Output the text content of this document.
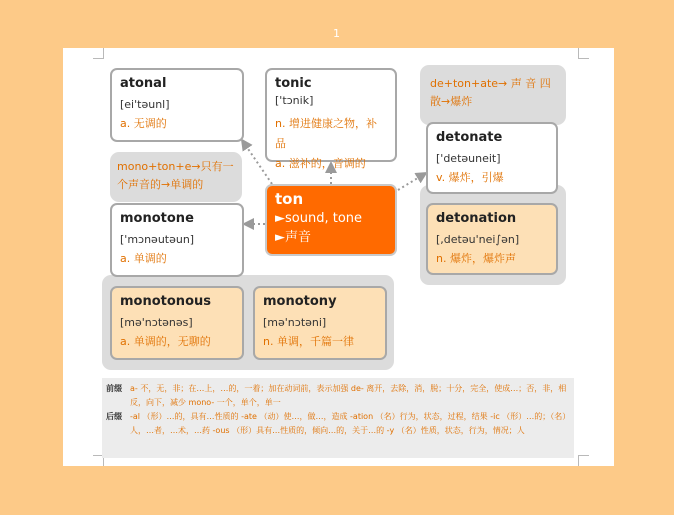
1
de+ton+ate→ 声 音 四
散→爆炸
mono+ton+e→只有一
个声音的→单调的
atonal
[ei'təunl]
a. 无调的
tonic
['tɔnik]
n. 增进健康之物，补品
a. 滋补的，音调的
detonate
['detəuneit]
v. 爆炸，引爆
ton
►sound, tone
►声音
monotone
['mɔnəutəun]
a. 单调的
detonation
[,detəu'nei∫ən]
n. 爆炸，爆炸声
monotonous
[mə'nɔtənəs]
a. 单调的，无聊的
monotony
[mə'nɔtəni]
n. 单调，千篇一律
前缀	a- 不，无，非；在…上，…的，一着；加在动词前，表示加强 de- 离开，去除，消，脱；十分，完全，使成…；否，非，相反，向下，减少 mono- 一个，单个，单一
后缀	-al （形）…的，具有…性质的 -ate （动）使…，做…，造成 -ation （名）行为，状态，过程，结果 -ic （形）…的；（名）人，…者，…术，…药 -ous （形）具有…性质的，倾向…的，关于…的 -y （名）性质，状态，行为，情况；人
